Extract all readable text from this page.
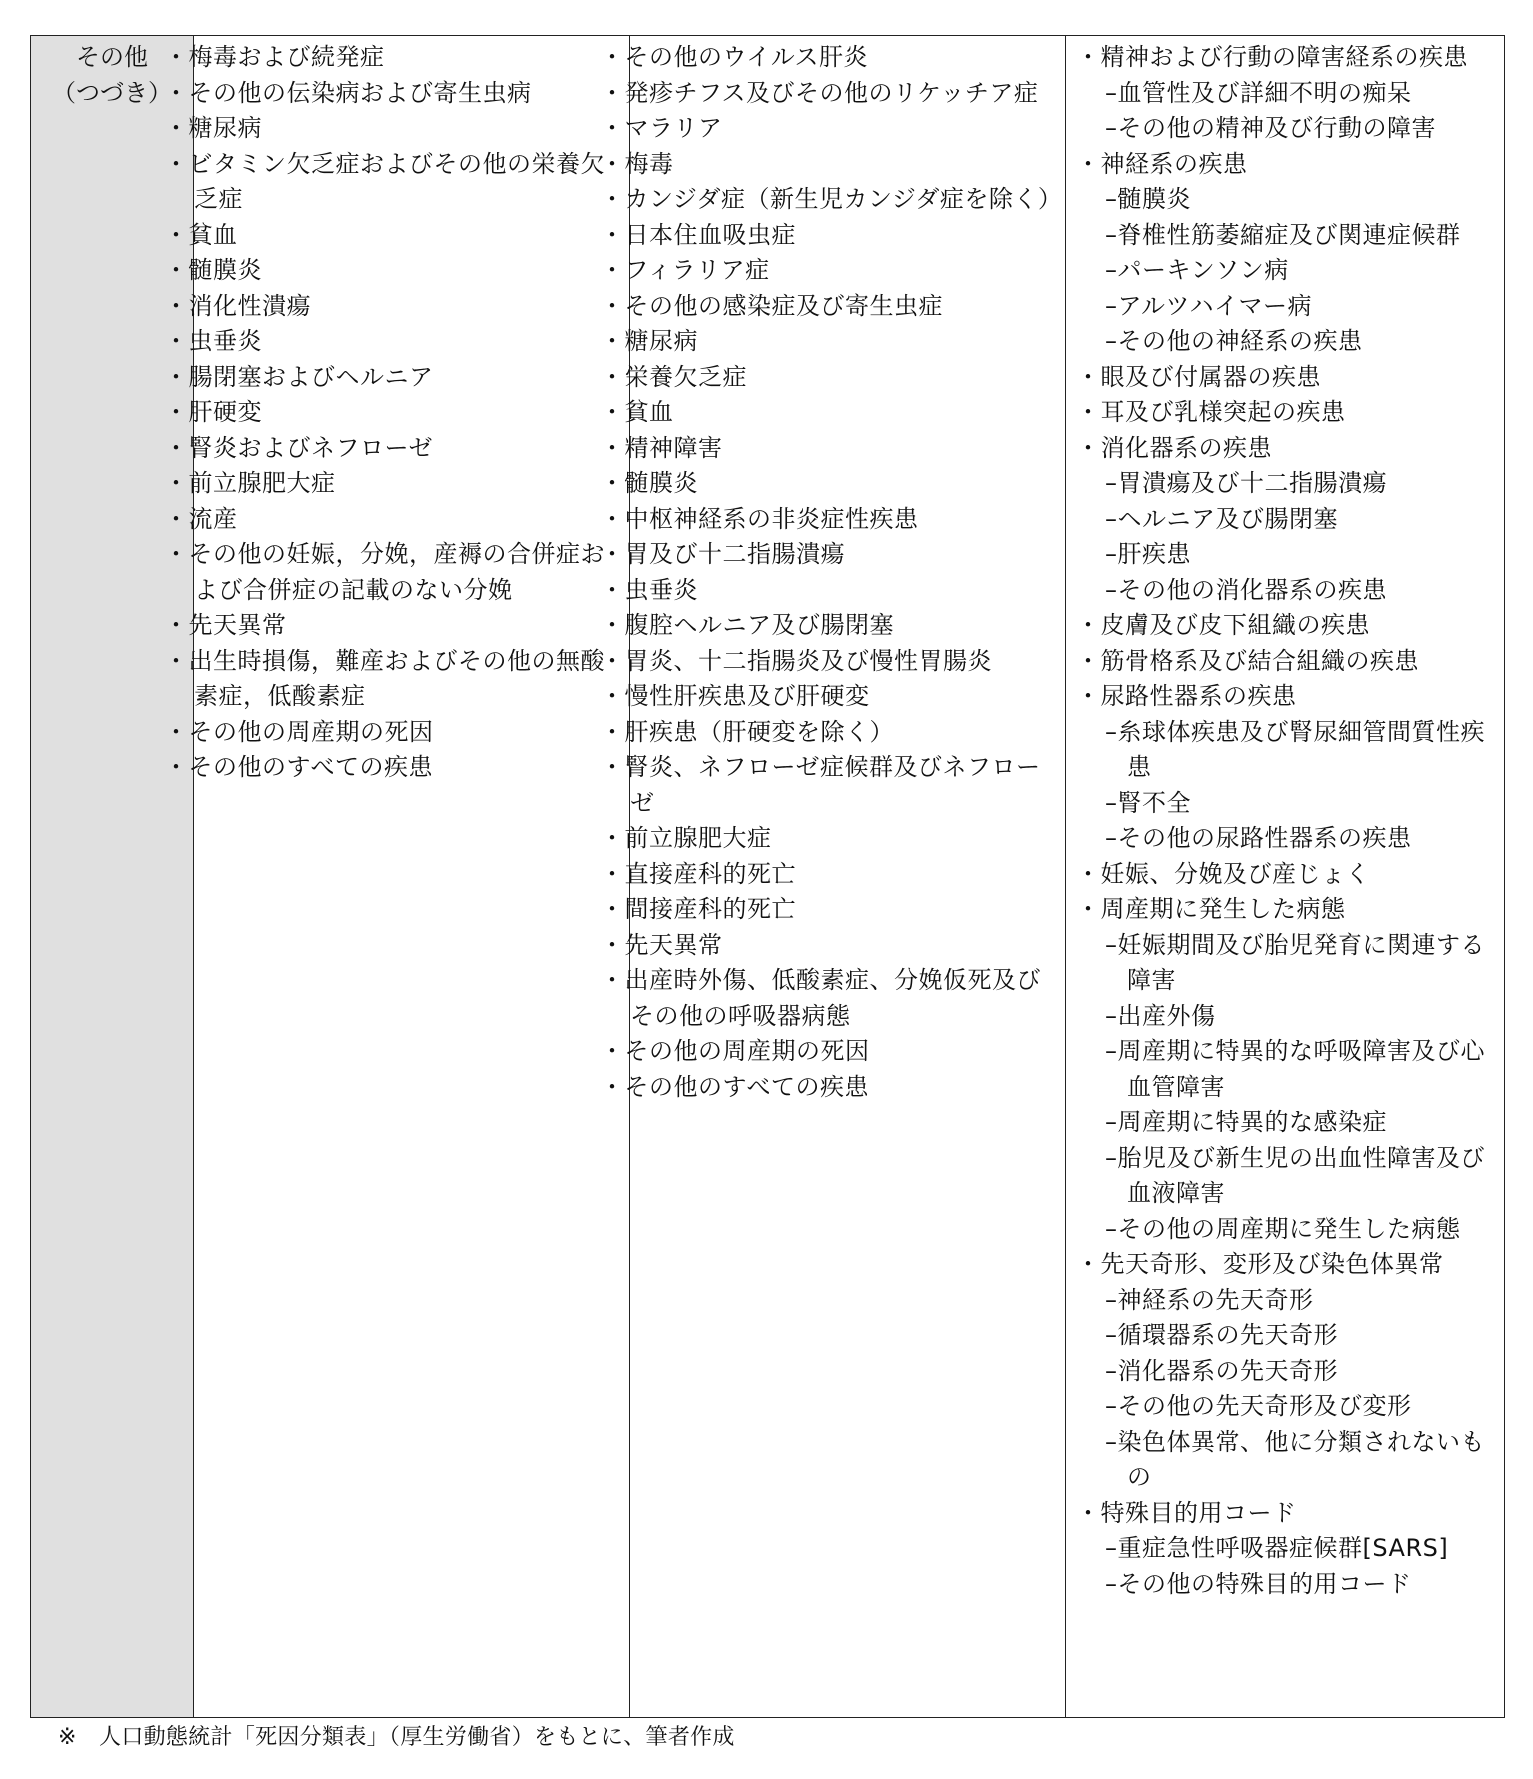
その他
（つづき）

・梅毒および続発症
・その他の伝染病および寄生虫病
・糖尿病
・ビタミン欠乏症およびその他の栄養欠乏症
・貧血
・髄膜炎
・消化性潰瘍
・虫垂炎
・腸閉塞およびヘルニア
・肝硬変
・腎炎およびネフローゼ
・前立腺肥大症
・流産
・その他の妊娠，分娩，産褥の合併症および合併症の記載のない分娩
・先天異常
・出生時損傷，難産およびその他の無酸素症，低酸素症
・その他の周産期の死因
・その他のすべての疾患

・その他のウイルス肝炎
・発疹チフス及びその他のリケッチア症
・マラリア
・梅毒
・カンジダ症（新生児カンジダ症を除く）
・日本住血吸虫症
・フィラリア症
・その他の感染症及び寄生虫症
・糖尿病
・栄養欠乏症
・貧血
・精神障害
・髄膜炎
・中枢神経系の非炎症性疾患
・胃及び十二指腸潰瘍
・虫垂炎
・腹腔ヘルニア及び腸閉塞
・胃炎、十二指腸炎及び慢性胃腸炎
・慢性肝疾患及び肝硬変
・肝疾患（肝硬変を除く）
・腎炎、ネフローゼ症候群及びネフローゼ
・前立腺肥大症
・直接産科的死亡
・間接産科的死亡
・先天異常
・出産時外傷、低酸素症、分娩仮死及びその他の呼吸器病態
・その他の周産期の死因
・その他のすべての疾患

・精神および行動の障害経系の疾患
–血管性及び詳細不明の痴呆
–その他の精神及び行動の障害
・神経系の疾患
–髄膜炎
–脊椎性筋萎縮症及び関連症候群
–パーキンソン病
–アルツハイマー病
–その他の神経系の疾患
・眼及び付属器の疾患
・耳及び乳様突起の疾患
・消化器系の疾患
–胃潰瘍及び十二指腸潰瘍
–ヘルニア及び腸閉塞
–肝疾患
–その他の消化器系の疾患
・皮膚及び皮下組織の疾患
・筋骨格系及び結合組織の疾患
・尿路性器系の疾患
–糸球体疾患及び腎尿細管間質性疾患
–腎不全
–その他の尿路性器系の疾患
・妊娠、分娩及び産じょく
・周産期に発生した病態
–妊娠期間及び胎児発育に関連する障害
–出産外傷
–周産期に特異的な呼吸障害及び心血管障害
–周産期に特異的な感染症
–胎児及び新生児の出血性障害及び血液障害
–その他の周産期に発生した病態
・先天奇形、変形及び染色体異常
–神経系の先天奇形
–循環器系の先天奇形
–消化器系の先天奇形
–その他の先天奇形及び変形
–染色体異常、他に分類されないもの
・特殊目的用コード
–重症急性呼吸器症候群[SARS]
–その他の特殊目的用コード
※　人口動態統計「死因分類表」（厚生労働省）をもとに、筆者作成
